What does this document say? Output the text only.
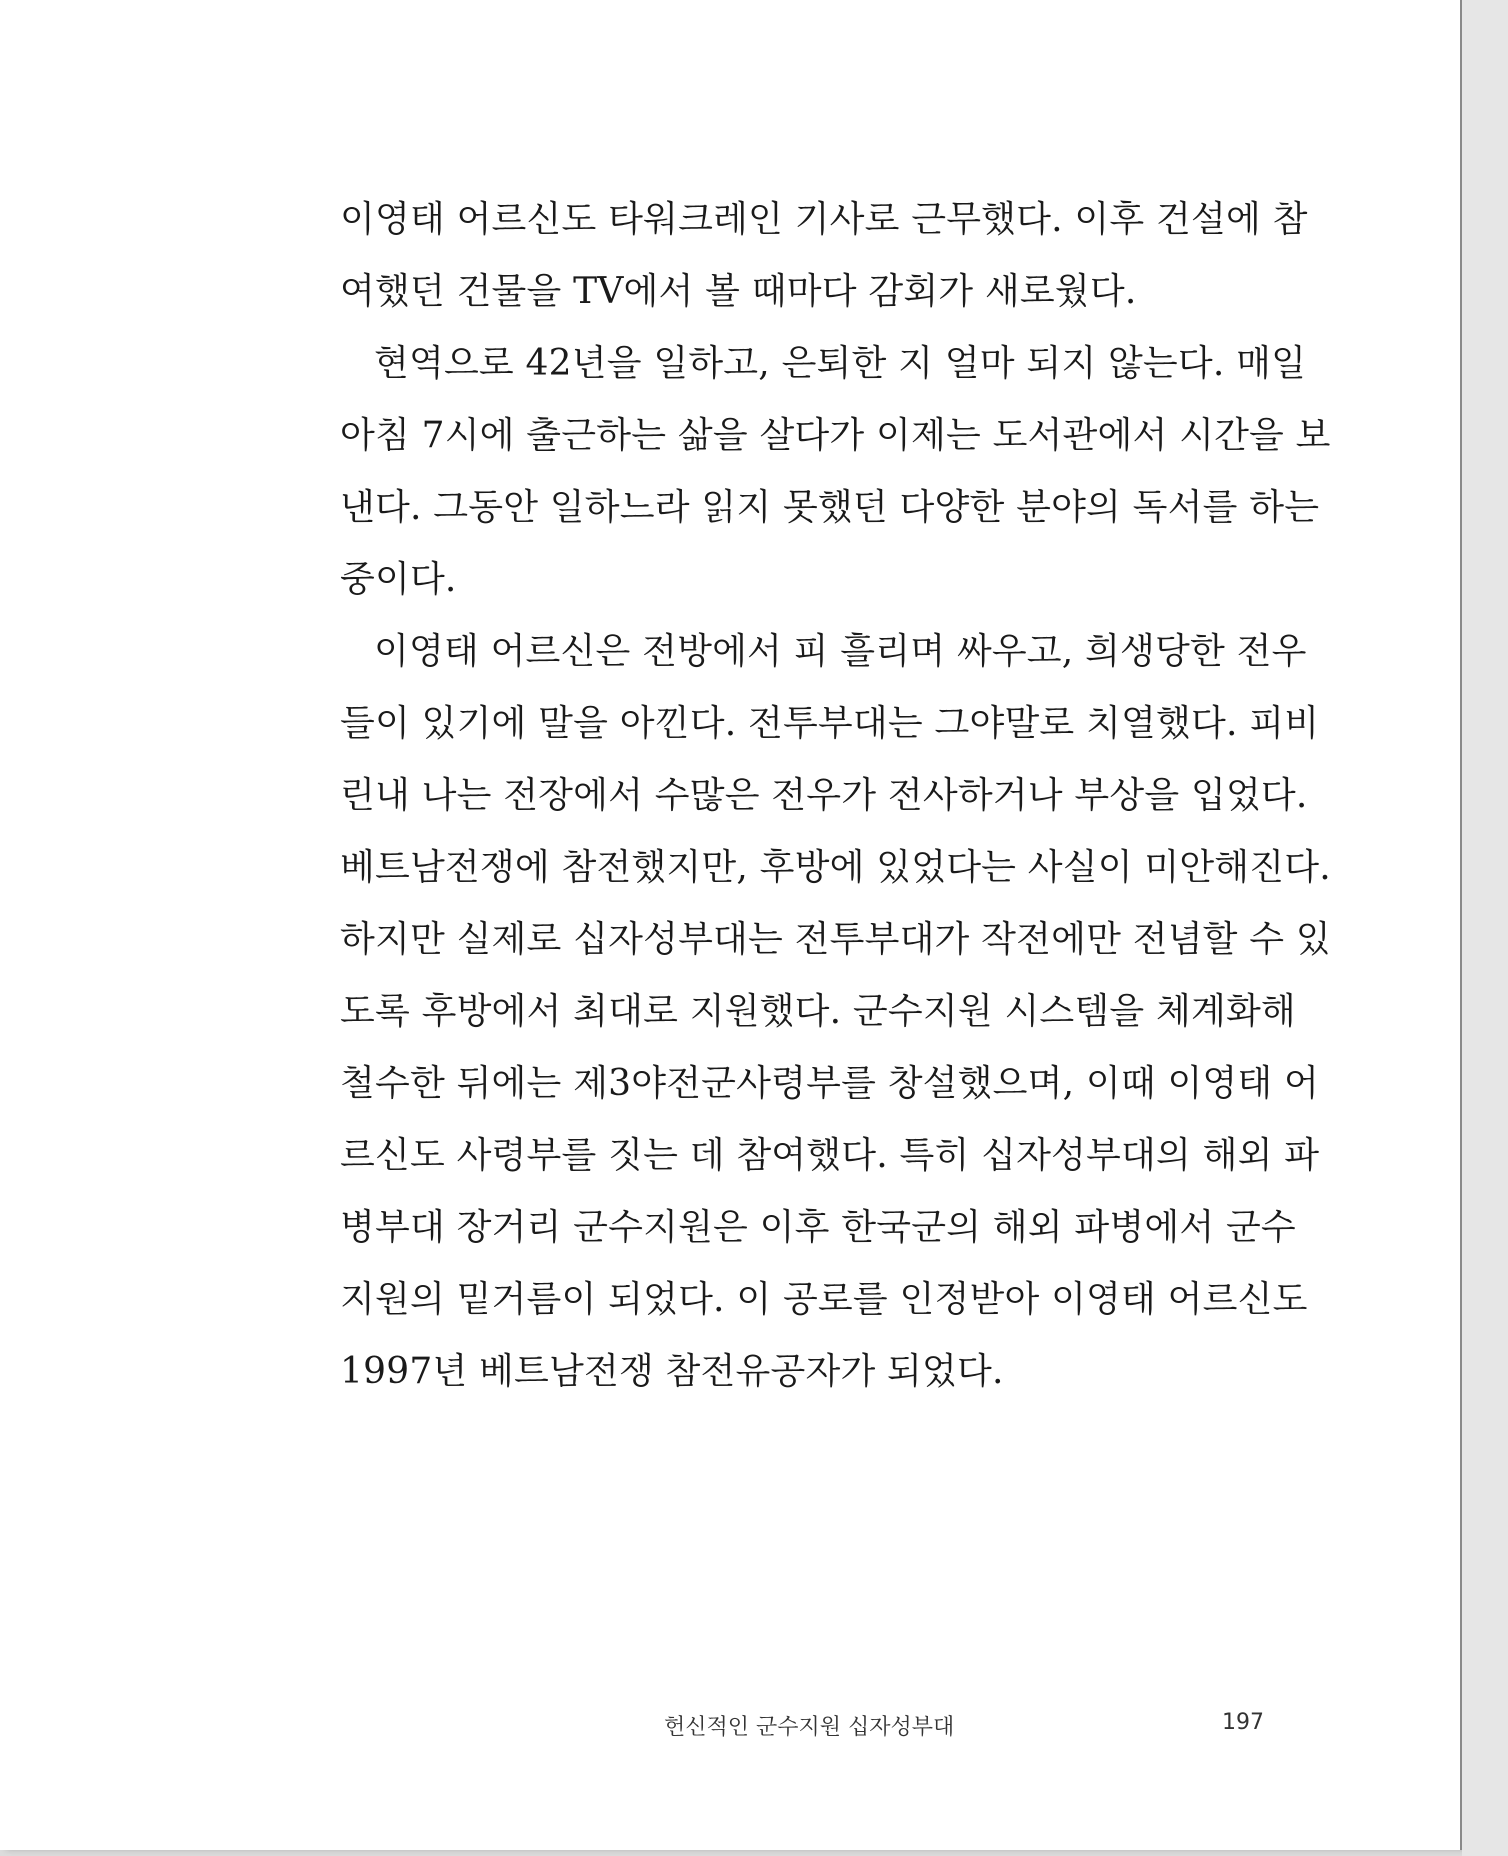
이영태 어르신도 타워크레인 기사로 근무했다. 이후 건설에 참
여했던 건물을 TV에서 볼 때마다 감회가 새로웠다.
현역으로 42년을 일하고, 은퇴한 지 얼마 되지 않는다. 매일
아침 7시에 출근하는 삶을 살다가 이제는 도서관에서 시간을 보
낸다. 그동안 일하느라 읽지 못했던 다양한 분야의 독서를 하는
중이다.
이영태 어르신은 전방에서 피 흘리며 싸우고, 희생당한 전우
들이 있기에 말을 아낀다. 전투부대는 그야말로 치열했다. 피비
린내 나는 전장에서 수많은 전우가 전사하거나 부상을 입었다.
베트남전쟁에 참전했지만, 후방에 있었다는 사실이 미안해진다.
하지만 실제로 십자성부대는 전투부대가 작전에만 전념할 수 있
도록 후방에서 최대로 지원했다. 군수지원 시스템을 체계화해
철수한 뒤에는 제3야전군사령부를 창설했으며, 이때 이영태 어
르신도 사령부를 짓는 데 참여했다. 특히 십자성부대의 해외 파
병부대 장거리 군수지원은 이후 한국군의 해외 파병에서 군수
지원의 밑거름이 되었다. 이 공로를 인정받아 이영태 어르신도
1997년 베트남전쟁 참전유공자가 되었다.
헌신적인 군수지원 십자성부대	197
